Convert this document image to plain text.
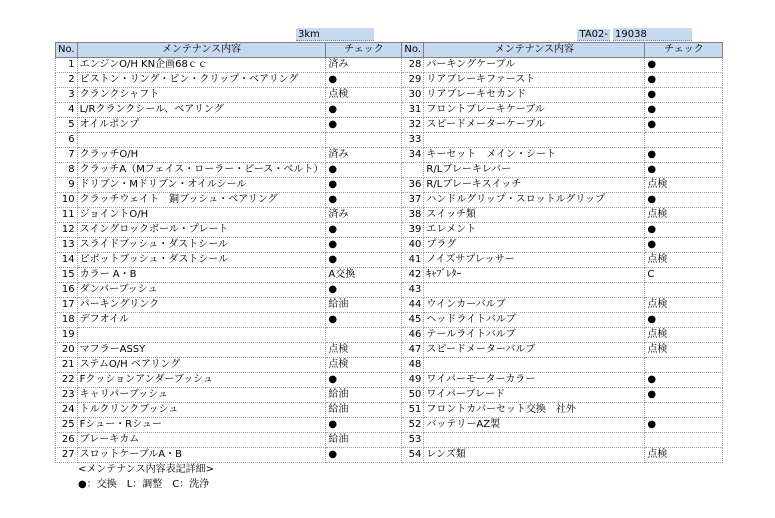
3km	TA02- 19038
No.	メンテナンス内容	チェック	No.	メンテナンス内容	チェック
1	エンジンO/H KN企画68ｃｃ	済み	28	パーキングケーブル	●
2	ピストン・リング・ピン・クリップ・ベアリング	●	29	リアブレーキファースト	●
3	クランクシャフト	点検	30	リアブレーキセカンド	●
4	L/Rクランクシール、ベアリング	●	31	フロントブレーキケーブル	●
5	オイルポンプ	●	32	スピードメーターケーブル	●
6			33		
7	クラッチO/H	済み	34	キーセット　メイン・シート	●
8	クラッチA（Mフェイス・ローラー・ピース・ベルト）	●		R/Lブレーキレバー	●
9	ドリブン・Mドリブン・オイルシール	●	36	R/Lブレーキスイッチ	点検
10	クラッチウェイト　銅ブッシュ・ベアリング	●	37	ハンドルグリップ・スロットルグリップ	●
11	ジョイントO/H	済み	38	スイッチ類	点検
12	スイングロックボール・プレート	●	39	エレメント	●
13	スライドブッシュ・ダストシール	●	40	プラグ	●
14	ピボットブッシュ・ダストシール	●	41	ノイズサプレッサー	点検
15	カラー A・B	A交換	42	ｷｬﾌﾞﾚﾀｰ	C
16	ダンパーブッシュ	●	43		
17	パーキングリンク	給油	44	ウインカーバルブ	点検
18	デフオイル	●	45	ヘッドライトバルブ	●
19			46	テールライトバルブ	点検
20	マフラーASSY	点検	47	スピードメーターバルブ	点検
21	ステムO/H ベアリング	点検	48		
22	Fクッションアンダーブッシュ	●	49	ワイパーモーターカラー	●
23	キャリパーブッシュ	給油	50	ワイパーブレード	●
24	トルクリンクブッシュ	給油	51	フロントカバーセット交換　社外	
25	Fシュー・Rシュー	●	52	バッテリーAZ製	●
26	ブレーキカム	給油	53		
27	スロットケーブルA・B	●	54	レンズ類	点検
<メンテナンス内容表記詳細>
●：交換　L：調整　C：洗浄
